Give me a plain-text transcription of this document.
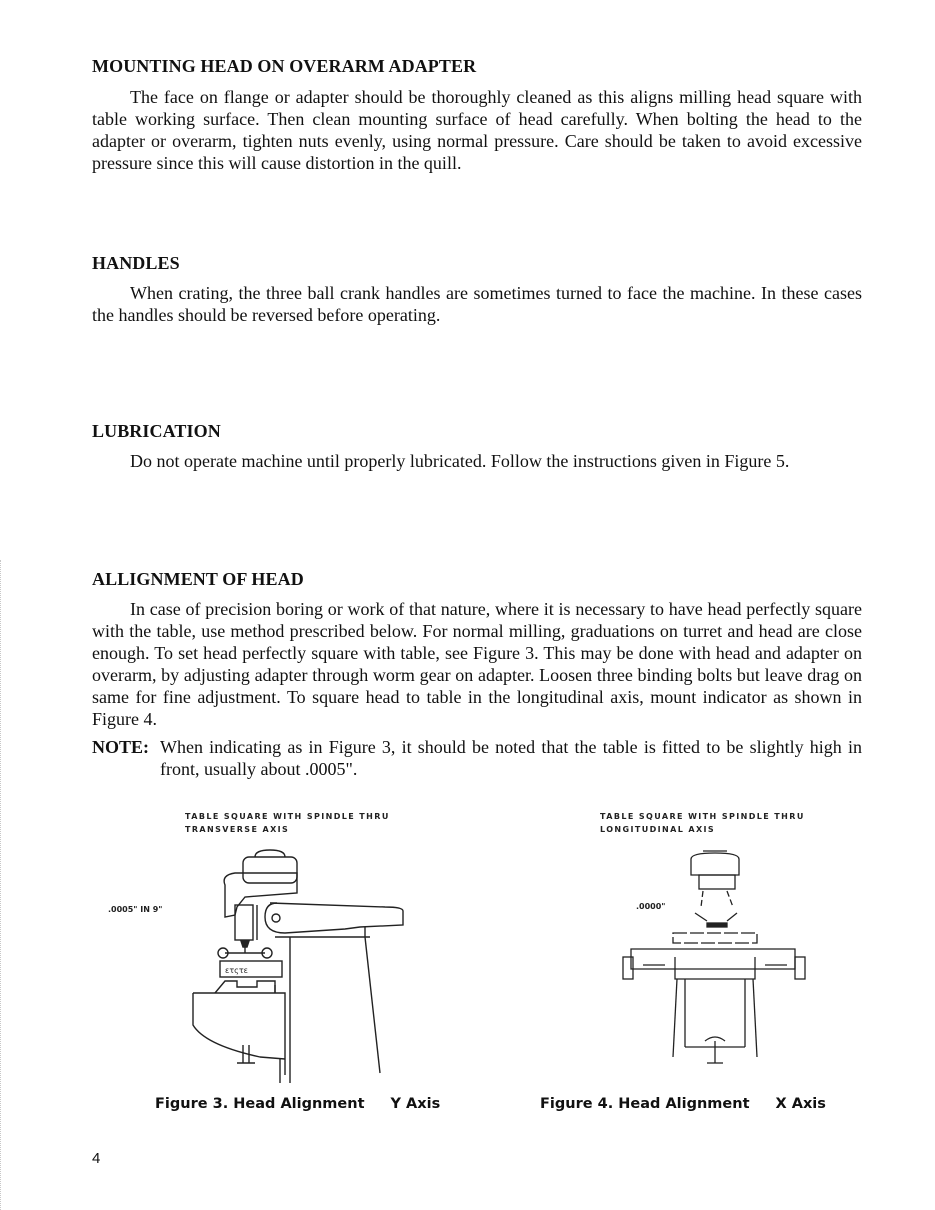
MOUNTING HEAD ON OVERARM ADAPTER

The face on flange or adapter should be thoroughly cleaned as this aligns milling head square with table working surface. Then clean mounting surface of head carefully. When bolting the head to the adapter or overarm, tighten nuts evenly, using normal pressure. Care should be taken to avoid excessive pressure since this will cause distortion in the quill.

HANDLES

When crating, the three ball crank handles are sometimes turned to face the machine. In these cases the handles should be reversed before operating.

LUBRICATION

Do not operate machine until properly lubricated. Follow the instructions given in Figure 5.

ALLIGNMENT OF HEAD

In case of precision boring or work of that nature, where it is necessary to have head perfectly square with the table, use method prescribed below. For normal milling, graduations on turret and head are close enough. To set head perfectly square with table, see Figure 3. This may be done with head and adapter on overarm, by adjusting adapter through worm gear on adapter. Loosen three binding bolts but leave drag on same for fine adjustment. To square head to table in the longitudinal axis, mount indicator as shown in Figure 4.

NOTE: When indicating as in Figure 3, it should be noted that the table is fitted to be slightly high in front, usually about .0005".
TABLE SQUARE WITH SPINDLE THRU
TRANSVERSE AXIS
.0005" IN 9"
ετςτε
Figure 3. Head Alignment Y Axis
TABLE SQUARE WITH SPINDLE THRU
LONGITUDINAL AXIS
.0000"
Figure 4. Head Alignment X Axis
4
